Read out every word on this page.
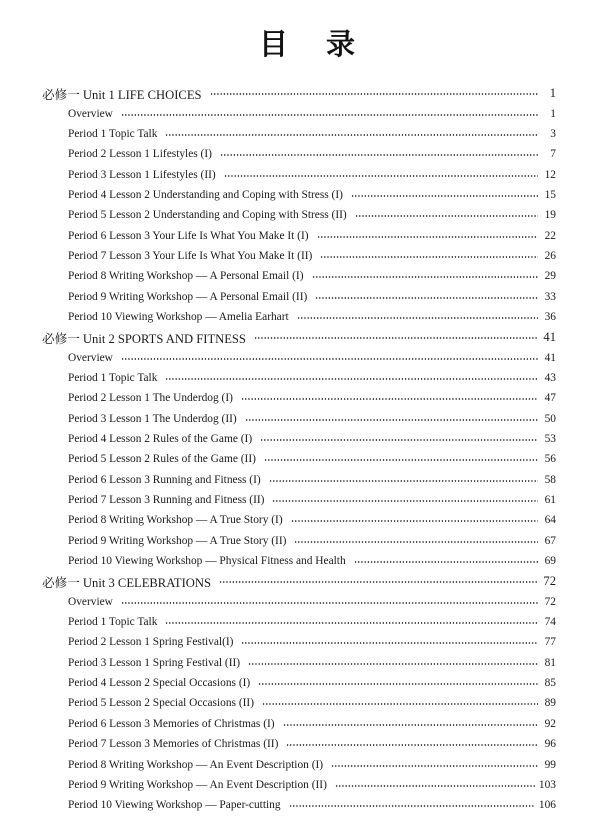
目 录
必修一 Unit 1 LIFE CHOICES	1
Overview	1
Period 1 Topic Talk	3
Period 2 Lesson 1 Lifestyles (I)	7
Period 3 Lesson 1 Lifestyles (II)	12
Period 4 Lesson 2 Understanding and Coping with Stress (I)	15
Period 5 Lesson 2 Understanding and Coping with Stress (II)	19
Period 6 Lesson 3 Your Life Is What You Make It (I)	22
Period 7 Lesson 3 Your Life Is What You Make It (II)	26
Period 8 Writing Workshop — A Personal Email (I)	29
Period 9 Writing Workshop — A Personal Email (II)	33
Period 10 Viewing Workshop — Amelia Earhart	36
必修一 Unit 2 SPORTS AND FITNESS	41
Overview	41
Period 1 Topic Talk	43
Period 2 Lesson 1 The Underdog (I)	47
Period 3 Lesson 1 The Underdog (II)	50
Period 4 Lesson 2 Rules of the Game (I)	53
Period 5 Lesson 2 Rules of the Game (II)	56
Period 6 Lesson 3 Running and Fitness (I)	58
Period 7 Lesson 3 Running and Fitness (II)	61
Period 8 Writing Workshop — A True Story (I)	64
Period 9 Writing Workshop — A True Story (II)	67
Period 10 Viewing Workshop — Physical Fitness and Health	69
必修一 Unit 3 CELEBRATIONS	72
Overview	72
Period 1 Topic Talk	74
Period 2 Lesson 1 Spring Festival(I)	77
Period 3 Lesson 1 Spring Festival (II)	81
Period 4 Lesson 2 Special Occasions (I)	85
Period 5 Lesson 2 Special Occasions (II)	89
Period 6 Lesson 3 Memories of Christmas (I)	92
Period 7 Lesson 3 Memories of Christmas (II)	96
Period 8 Writing Workshop — An Event Description (I)	99
Period 9 Writing Workshop — An Event Description (II)	103
Period 10 Viewing Workshop — Paper-cutting	106
